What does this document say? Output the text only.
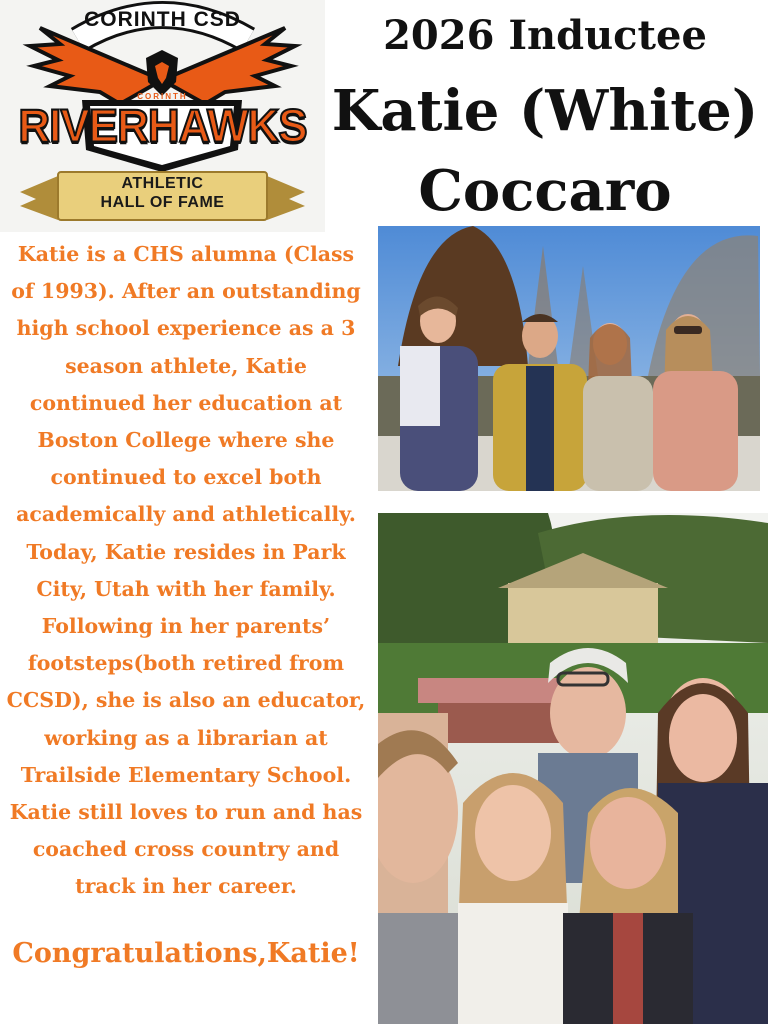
CORINTH CSD
CORINTH
RIVERHAWKS
ATHLETIC
HALL OF FAME
2026 Inductee
Katie (White)
Coccaro
Katie is a CHS alumna (Class of 1993). After an outstanding high school experience as a 3 season athlete, Katie continued her education at Boston College where she continued to excel both academically and athletically. Today, Katie resides in Park City, Utah with her family. Following in her parents’ footsteps(both retired from CCSD), she is also an educator, working as a librarian at Trailside Elementary School. Katie still loves to run and has coached cross country and track in her career.
Congratulations,Katie!
